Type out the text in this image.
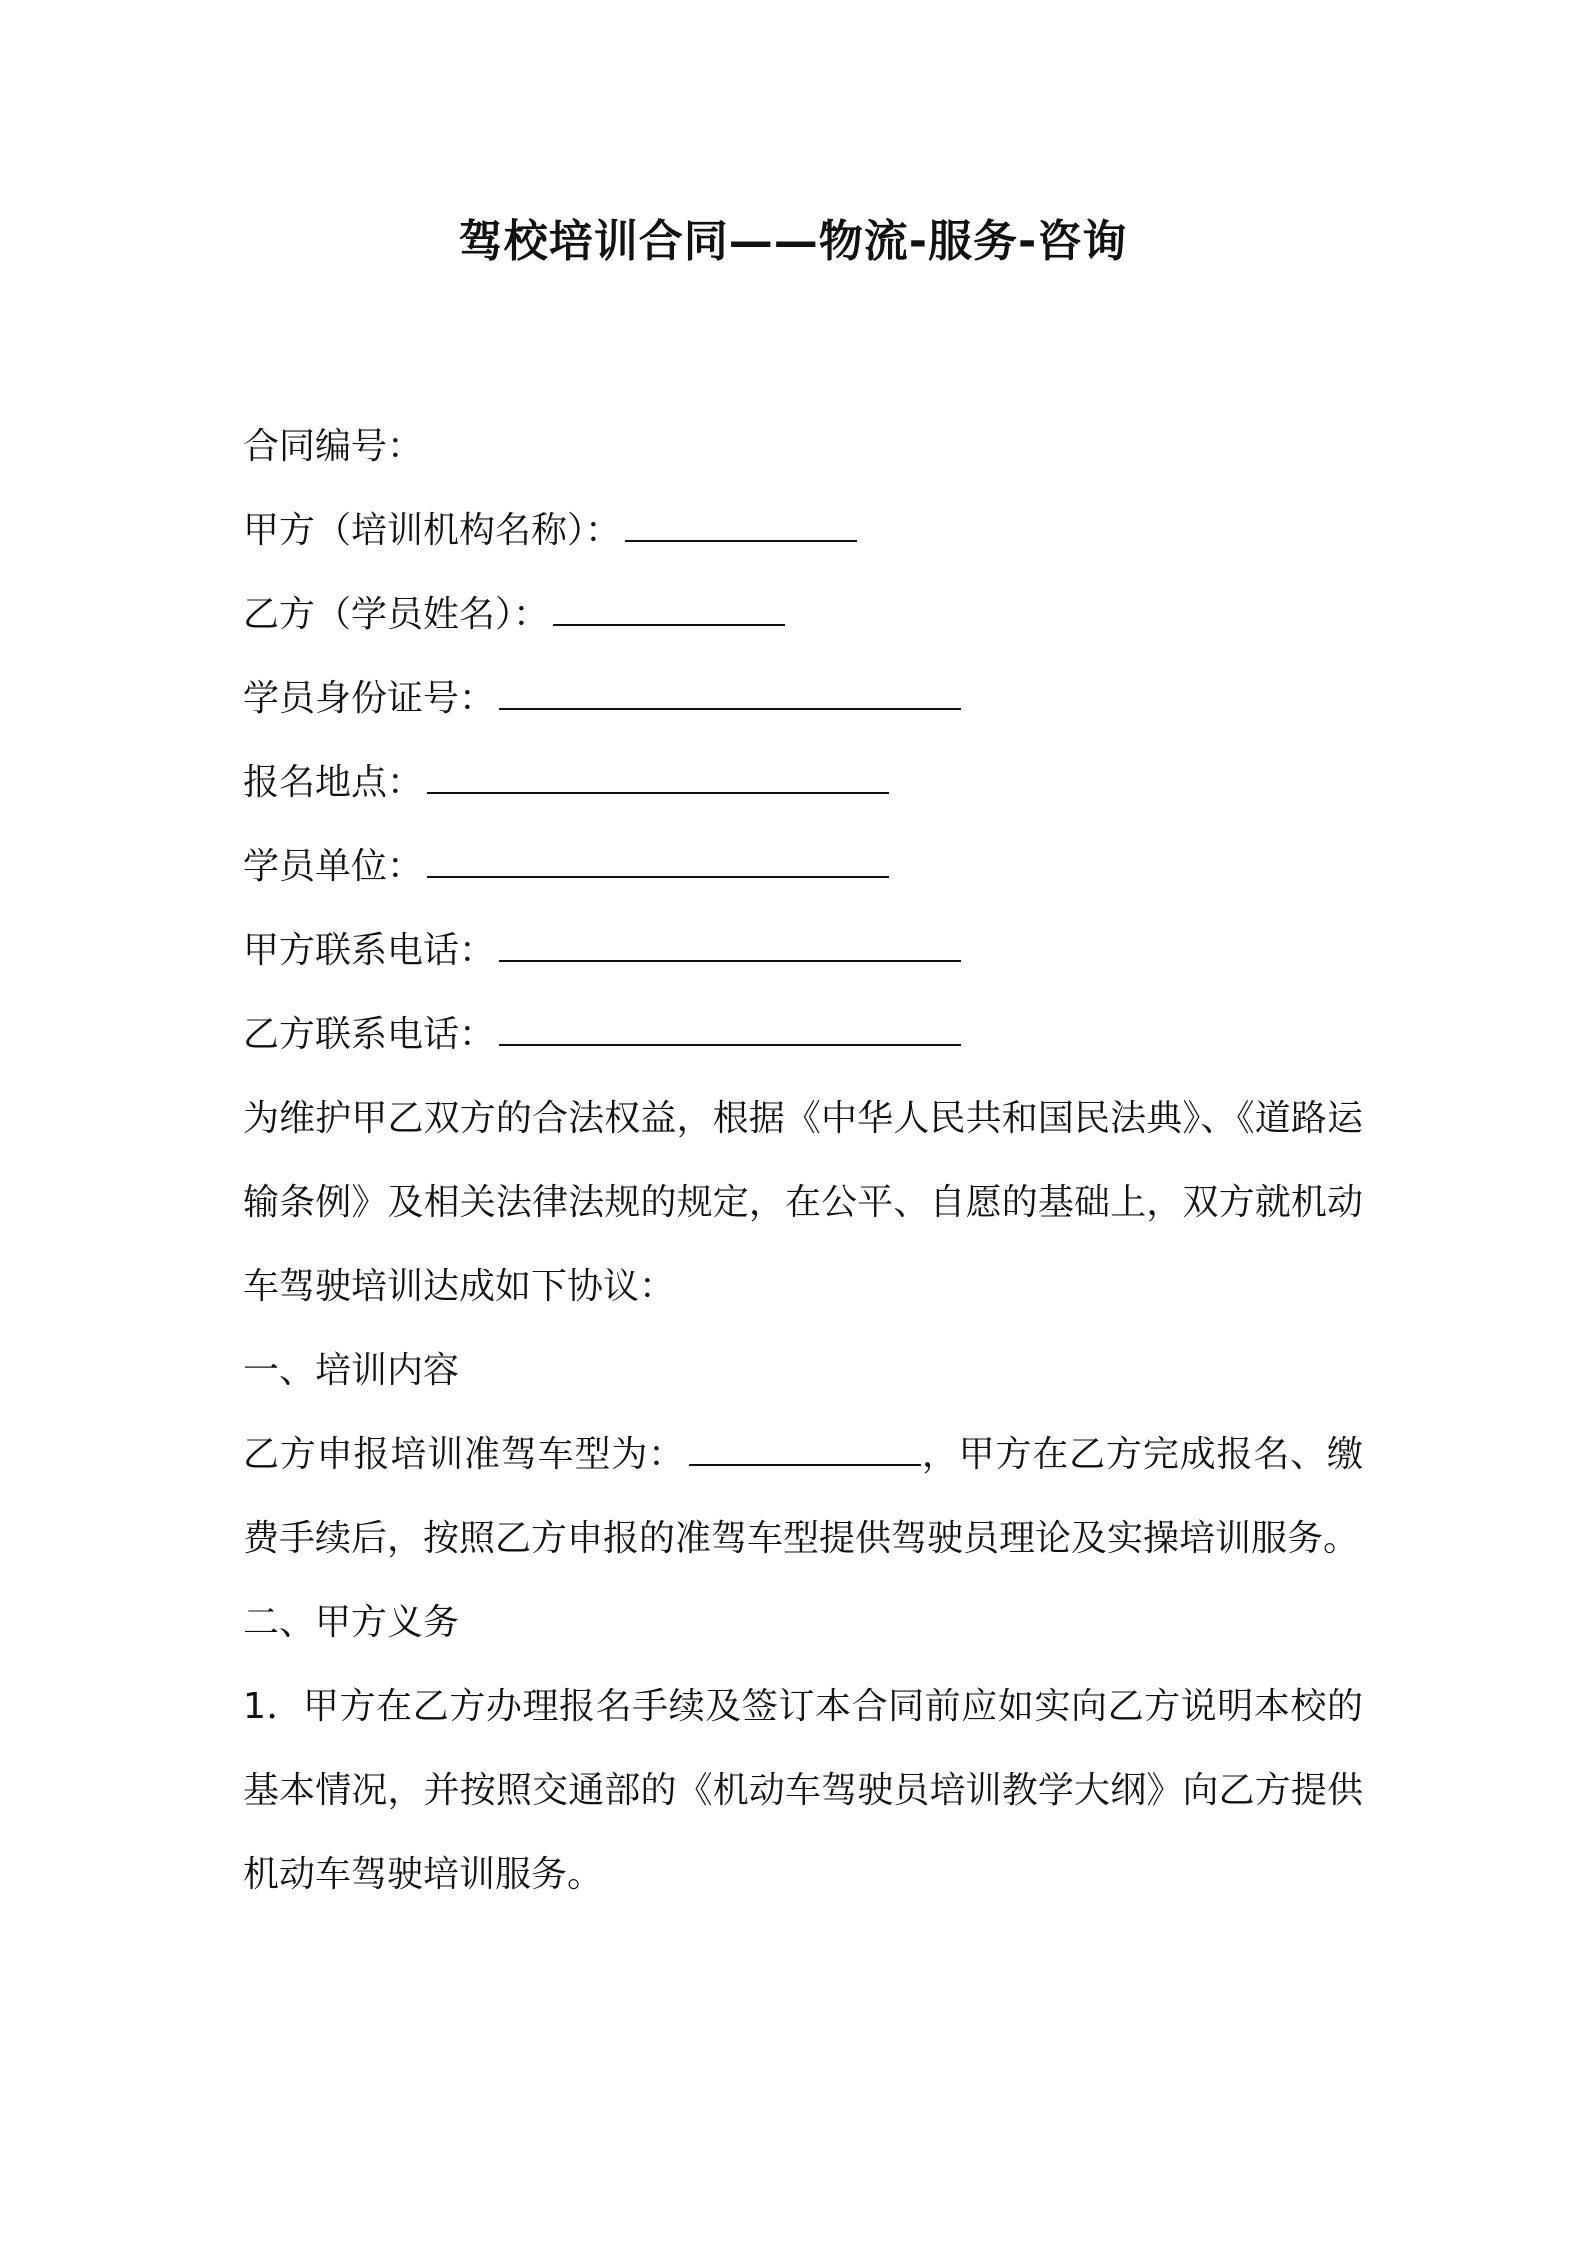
驾校培训合同——物流-服务-咨询
合同编号：
甲方（培训机构名称）：
乙方（学员姓名）：
学员身份证号：
报名地点：
学员单位：
甲方联系电话：
乙方联系电话：
为维护甲乙双方的合法权益，根据《中华人民共和国民法典》、《道路运输条例》及相关法律法规的规定，在公平、自愿的基础上，双方就机动车驾驶培训达成如下协议：
一、培训内容
乙方申报培训准驾车型为：	，甲方在乙方完成报名、缴费手续后，按照乙方申报的准驾车型提供驾驶员理论及实操培训服务。
二、甲方义务
1．甲方在乙方办理报名手续及签订本合同前应如实向乙方说明本校的基本情况，并按照交通部的《机动车驾驶员培训教学大纲》向乙方提供机动车驾驶培训服务。
